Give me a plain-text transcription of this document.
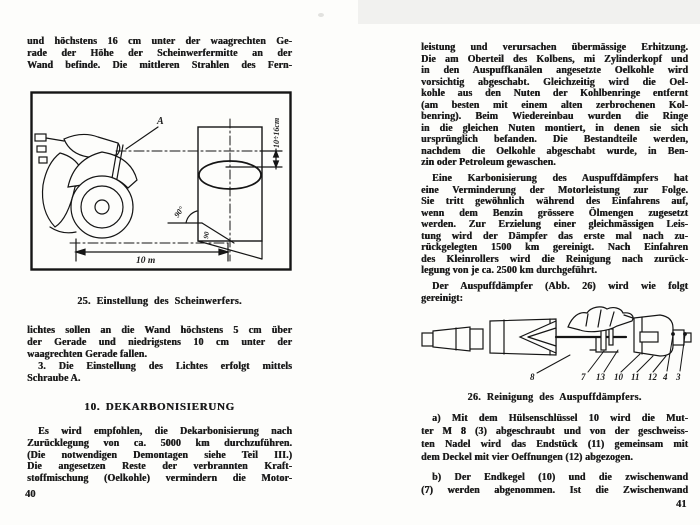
und höchstens 16 cm unter der waagrechten Ge-
rade der Höhe der Scheinwerfermitte an der
Wand befinde. Die mittleren Strahlen des Fern-
A	10÷16cm
90°
90
10 m
25. Einstellung des Scheinwerfers.
lichtes sollen an die Wand höchstens 5 cm über
der Gerade und niedrigstens 10 cm unter der
waagrechten Gerade fallen.
3. Die Einstellung des Lichtes erfolgt mittels
Schraube A.
10. DEKARBONISIERUNG
Es wird empfohlen, die Dekarbonisierung nach
Zurücklegung von ca. 5000 km durchzuführen.
(Die notwendigen Demontagen siehe Teil III.)
Die angesetzen Reste der verbrannten Kraft-
stoffmischung (Oelkohle) vermindern die Motor-
40
leistung und verursachen übermässige Erhitzung.
Die am Oberteil des Kolbens, mi Zylinderkopf und
in den Auspuffkanälen angesetzte Oelkohle wird
vorsichtig abgeschabt. Gleichzeitig wird die Oel-
kohle aus den Nuten der Kohlbenringe entfernt
(am besten mit einem alten zerbrochenen Kol-
benring). Beim Wiedereinbau wurden die Ringe
in die gleichen Nuten montiert, in denen sie sich
ursprünglich befanden. Die Bestandteile werden,
nachdem die Oelkohle abgeschabt wurde, in Ben-
zin oder Petroleum gewaschen.
Eine Karbonisierung des Auspuffdämpfers hat
eine Verminderung der Motorleistung zur Folge.
Sie tritt gewöhnlich während des Einfahrens auf,
wenn dem Benzin grössere Ölmengen zugesetzt
werden. Zur Erzielung einer gleichmässigen Leis-
tung wird der Dämpfer das erste mal nach zu-
rückgelegten 1500 km gereinigt. Nach Einfahren
des Kleinrollers wird die Reinigung nach zurück-
legung von je ca. 2500 km durchgeführt.
Der Auspuffdämpfer (Abb. 26) wird wie folgt
gereinigt:
8	7 13 10 11 12 4 3
26. Reinigung des Auspuffdämpfers.
a) Mit dem Hülsenschlüssel 10 wird die Mut-
ter M 8 (3) abgeschraubt und von der geschweiss-
ten Nadel wird das Endstück (11) gemeinsam mit
dem Deckel mit vier Oeffnungen (12) abgezogen.
b) Der Endkegel (10) und die zwischenwand
(7) werden abgenommen. Ist die Zwischenwand
41
